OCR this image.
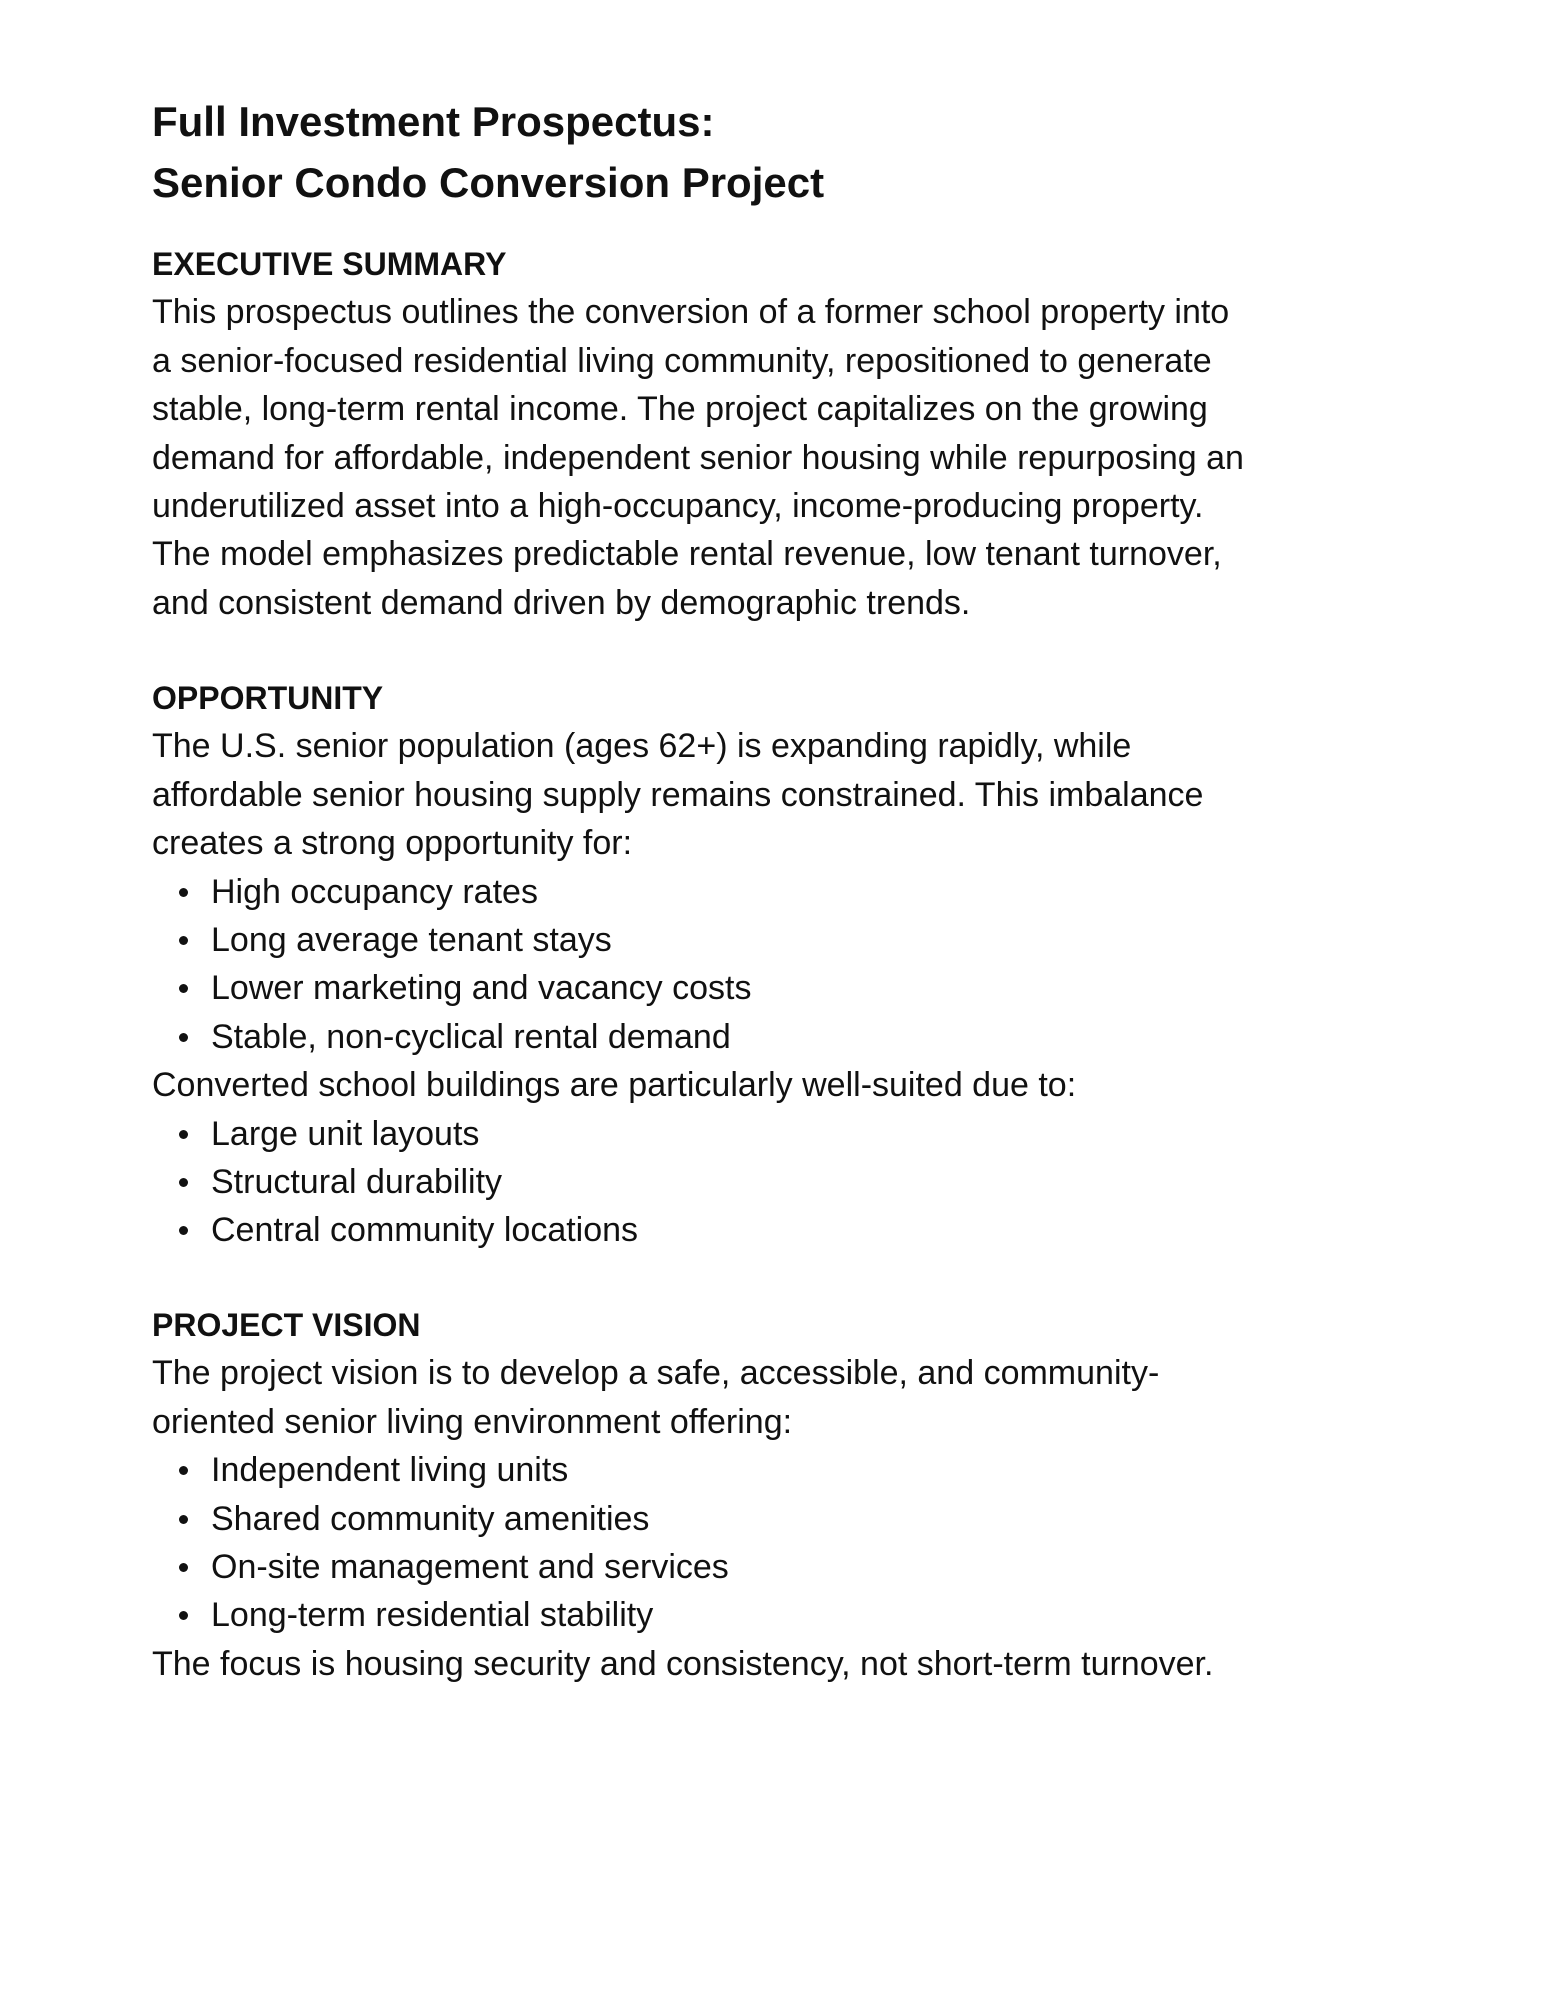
Full Investment Prospectus:
Senior Condo Conversion Project
EXECUTIVE SUMMARY
This prospectus outlines the conversion of a former school property into
a senior-focused residential living community, repositioned to generate
stable, long-term rental income. The project capitalizes on the growing
demand for affordable, independent senior housing while repurposing an
underutilized asset into a high-occupancy, income-producing property.
The model emphasizes predictable rental revenue, low tenant turnover,
and consistent demand driven by demographic trends.
OPPORTUNITY
The U.S. senior population (ages 62+) is expanding rapidly, while
affordable senior housing supply remains constrained. This imbalance
creates a strong opportunity for:
High occupancy rates
Long average tenant stays
Lower marketing and vacancy costs
Stable, non-cyclical rental demand
Converted school buildings are particularly well-suited due to:
Large unit layouts
Structural durability
Central community locations
PROJECT VISION
The project vision is to develop a safe, accessible, and community-
oriented senior living environment offering:
Independent living units
Shared community amenities
On-site management and services
Long-term residential stability
The focus is housing security and consistency, not short-term turnover.
